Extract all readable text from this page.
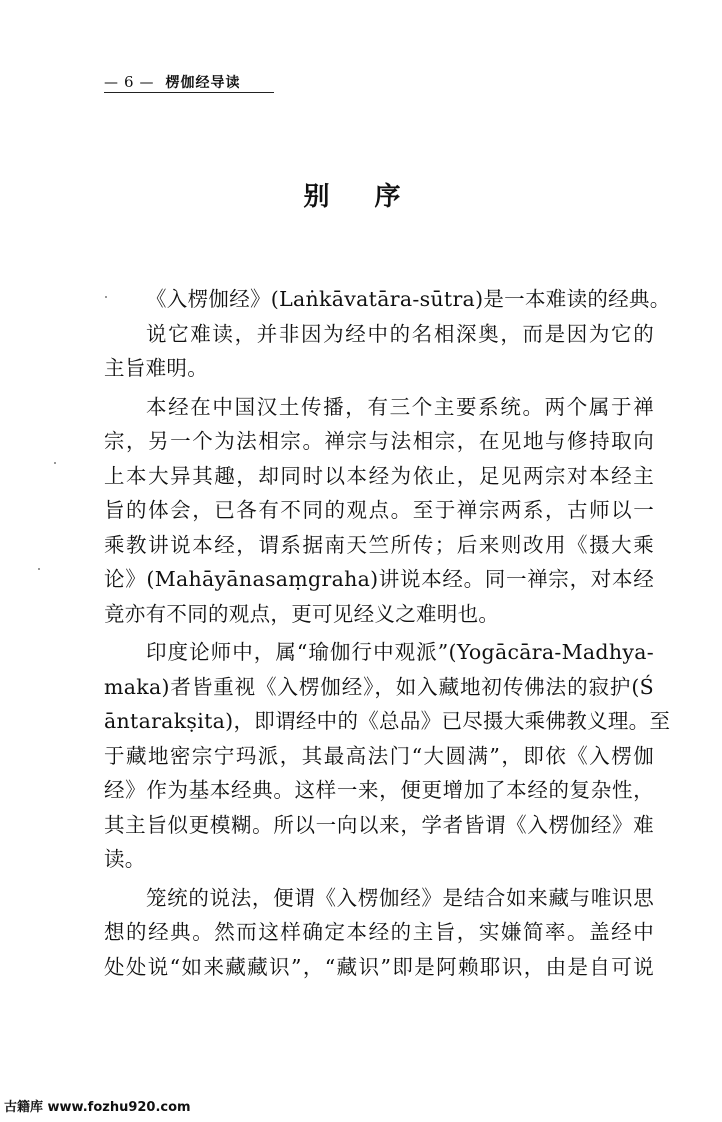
— 6 — 楞伽经导读
别 序
《入楞伽经》(Laṅkāvatāra-sūtra)是一本难读的经典。
说它难读，并非因为经中的名相深奥，而是因为它的
主旨难明。
本经在中国汉土传播，有三个主要系统。两个属于禅
宗，另一个为法相宗。禅宗与法相宗，在见地与修持取向
上本大异其趣，却同时以本经为依止，足见两宗对本经主
旨的体会，已各有不同的观点。至于禅宗两系，古师以一
乘教讲说本经，谓系据南天竺所传；后来则改用《摄大乘
论》(Mahāyānasaṃgraha)讲说本经。同一禅宗，对本经
竟亦有不同的观点，更可见经义之难明也。
印度论师中，属“瑜伽行中观派”(Yogācāra-Madhya-
maka)者皆重视《入楞伽经》，如入藏地初传佛法的寂护(Ś
āntarakṣita)，即谓经中的《总品》已尽摄大乘佛教义理。至
于藏地密宗宁玛派，其最高法门“大圆满”，即依《入楞伽
经》作为基本经典。这样一来，便更增加了本经的复杂性，
其主旨似更模糊。所以一向以来，学者皆谓《入楞伽经》难
读。
笼统的说法，便谓《入楞伽经》是结合如来藏与唯识思
想的经典。然而这样确定本经的主旨，实嫌简率。盖经中
处处说“如来藏藏识”，“藏识”即是阿赖耶识，由是自可说
古籍库 www.fozhu920.com
